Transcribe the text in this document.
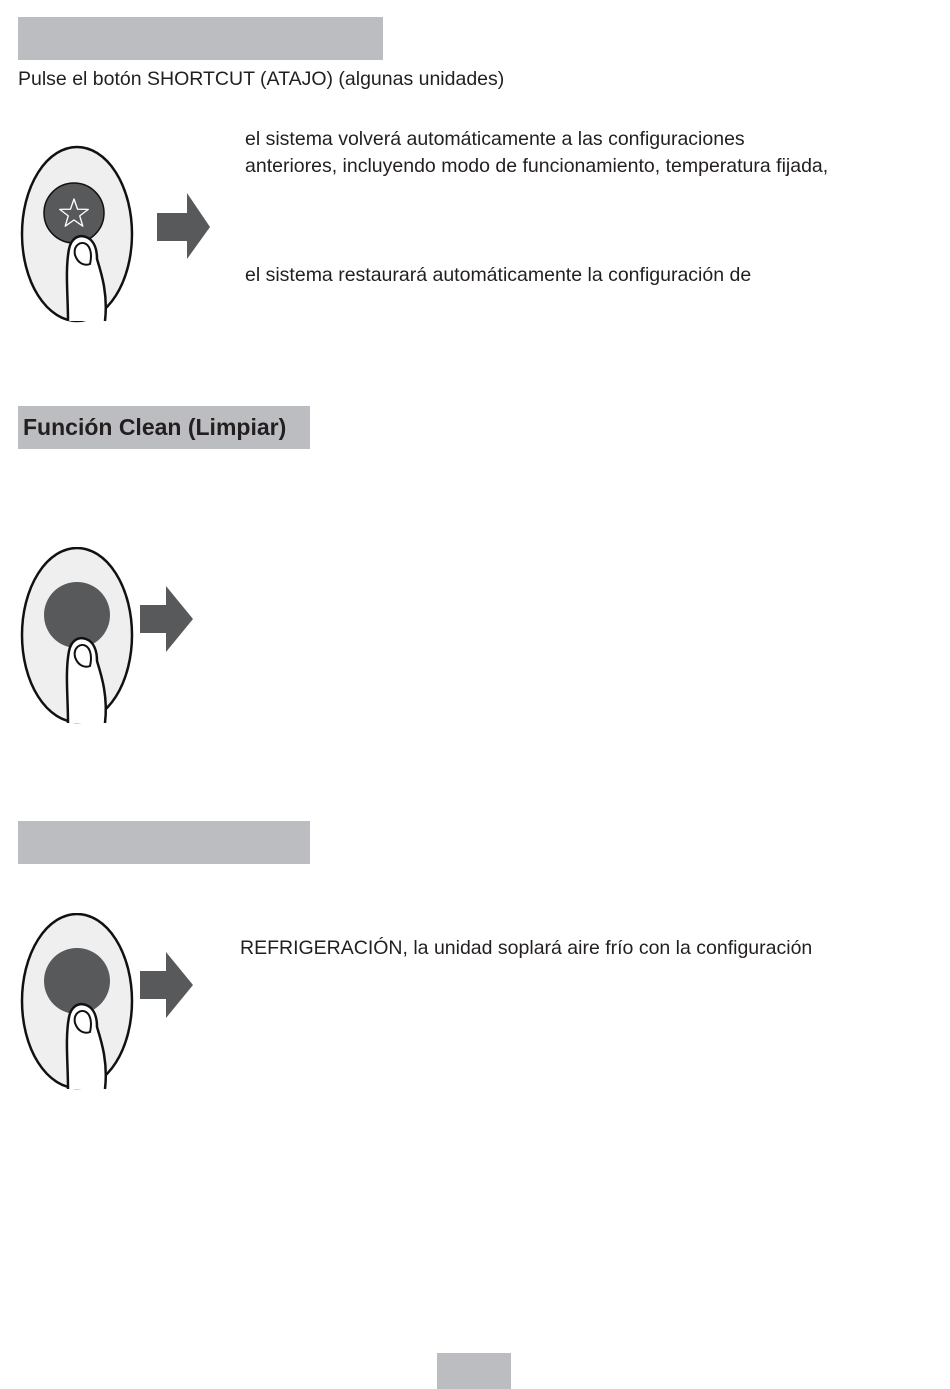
Pulse el botón SHORTCUT (ATAJO) (algunas unidades)
el sistema volverá automáticamente a las configuraciones
anteriores, incluyendo modo de funcionamiento, temperatura fijada,
el sistema restaurará automáticamente la configuración de
Función Clean (Limpiar)
REFRIGERACIÓN, la unidad soplará aire frío con la configuración
